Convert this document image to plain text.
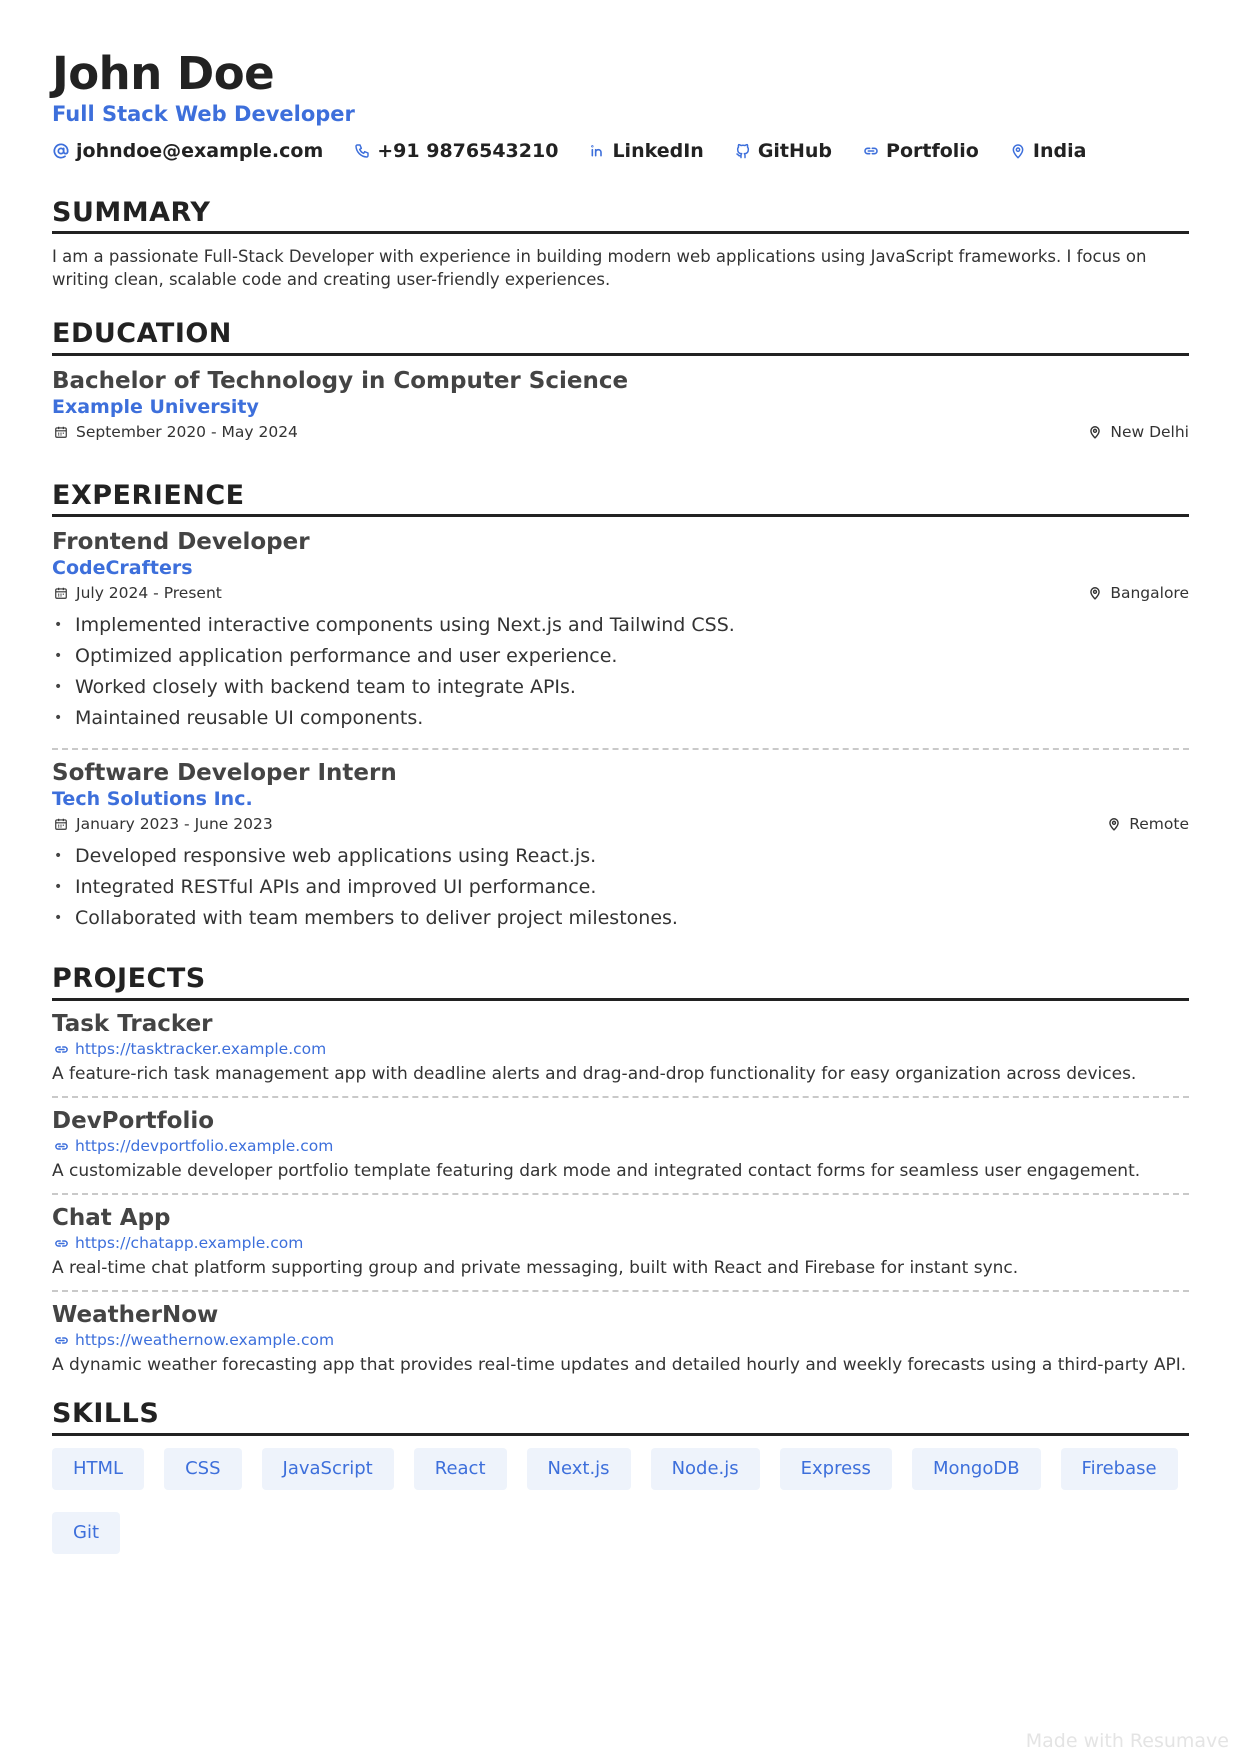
John Doe
Full Stack Web Developer
johndoe@example.com	+91 9876543210	LinkedIn	GitHub	Portfolio	India
SUMMARY
I am a passionate Full-Stack Developer with experience in building modern web applications using JavaScript frameworks. I focus on writing clean, scalable code and creating user-friendly experiences.
EDUCATION
Bachelor of Technology in Computer Science
Example University
September 2020 - May 2024	New Delhi
EXPERIENCE
Frontend Developer
CodeCrafters
July 2024 - Present	Bangalore
• Implemented interactive components using Next.js and Tailwind CSS.
• Optimized application performance and user experience.
• Worked closely with backend team to integrate APIs.
• Maintained reusable UI components.
Software Developer Intern
Tech Solutions Inc.
January 2023 - June 2023	Remote
• Developed responsive web applications using React.js.
• Integrated RESTful APIs and improved UI performance.
• Collaborated with team members to deliver project milestones.
PROJECTS
Task Tracker
https://tasktracker.example.com
A feature-rich task management app with deadline alerts and drag-and-drop functionality for easy organization across devices.
DevPortfolio
https://devportfolio.example.com
A customizable developer portfolio template featuring dark mode and integrated contact forms for seamless user engagement.
Chat App
https://chatapp.example.com
A real-time chat platform supporting group and private messaging, built with React and Firebase for instant sync.
WeatherNow
https://weathernow.example.com
A dynamic weather forecasting app that provides real-time updates and detailed hourly and weekly forecasts using a third-party API.
SKILLS
HTML	CSS	JavaScript	React	Next.js	Node.js	Express	MongoDB	Firebase
Git
Made with Resumave
